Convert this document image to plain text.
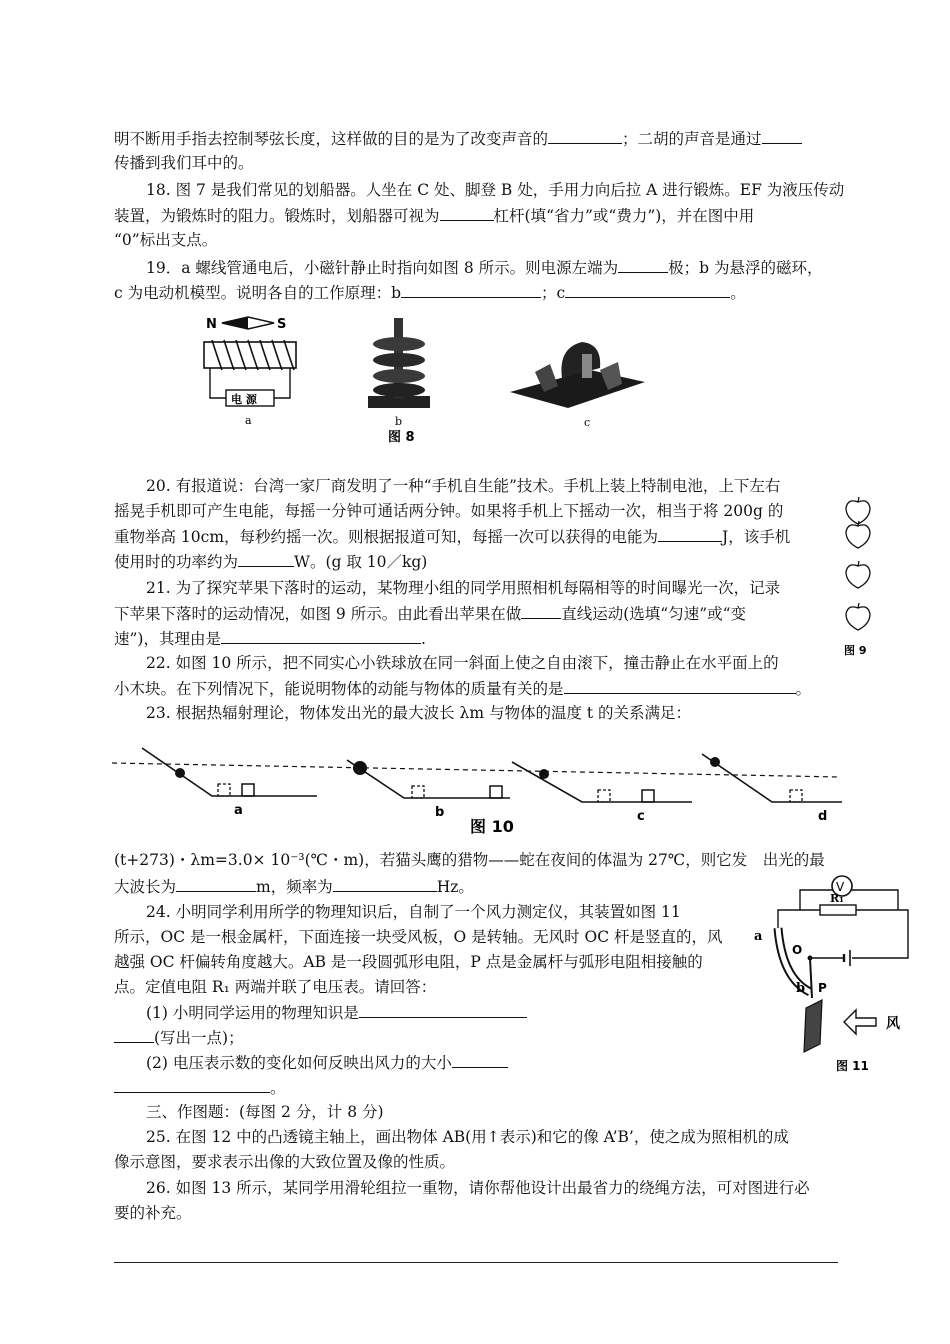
明不断用手指去控制琴弦长度，这样做的目的是为了改变声音的	；二胡的声音是通过
传播到我们耳中的。
18. 图 7 是我们常见的划船器。人坐在 C 处、脚登 B 处，手用力向后拉 A 进行锻炼。EF 为液压传动
装置，为锻炼时的阻力。锻炼时，划船器可视为	杠杆(填“省力”或“费力”)，并在图中用
“0”标出支点。
19．a 螺线管通电后，小磁针静止时指向如图 8 所示。则电源左端为	极；b 为悬浮的磁环，
c 为电动机模型。说明各自的工作原理：b	；c	。
N	S
电 源
a	b
图 8
c
20. 有报道说：台湾一家厂商发明了一种“手机自生能”技术。手机上装上特制电池，上下左右
摇晃手机即可产生电能，每摇一分钟可通话两分钟。如果将手机上下摇动一次，相当于将 200g 的
重物举高 10cm，每秒约摇一次。则根据报道可知，每摇一次可以获得的电能为	J，该手机
使用时的功率约为	W。(g 取 10／kg)
21. 为了探究苹果下落时的运动，某物理小组的同学用照相机每隔相等的时间曝光一次，记录
下苹果下落时的运动情况，如图 9 所示。由此看出苹果在做	直线运动(选填“匀速”或“变
速”)，其理由是	.
图 9
22. 如图 10 所示，把不同实心小铁球放在同一斜面上使之自由滚下，撞击静止在水平面上的
小木块。在下列情况下，能说明物体的动能与物体的质量有关的是	。
23. 根据热辐射理论，物体发出光的最大波长 λm 与物体的温度 t 的关系满足：
a	b	c	d
图 10
(t+273)・λm=3.0× 10⁻³(℃・m)，若猫头鹰的猎物——蛇在夜间的体温为 27℃，则它发　出光的最
大波长为	m，频率为	Hz。
24. 小明同学利用所学的物理知识后，自制了一个风力测定仪，其装置如图 11
所示，OC 是一根金属杆，下面连接一块受风板，O 是转轴。无风时 OC 杆是竖直的，风
越强 OC 杆偏转角度越大。AB 是一段圆弧形电阻，P 点是金属杆与弧形电阻相接触的
点。定值电阻 R₁ 两端并联了电压表。请回答：
(1) 小明同学运用的物理知识是
(写出一点)；
(2) 电压表示数的变化如何反映出风力的大小
。
V
R₁
O
a
b P
风
图 11
三、作图题：(每图 2 分，计 8 分)
25. 在图 12 中的凸透镜主轴上，画出物体 AB(用↑表示)和它的像 A’B’，使之成为照相机的成
像示意图，要求表示出像的大致位置及像的性质。
26. 如图 13 所示，某同学用滑轮组拉一重物，请你帮他设计出最省力的绕绳方法，可对图进行必
要的补充。
